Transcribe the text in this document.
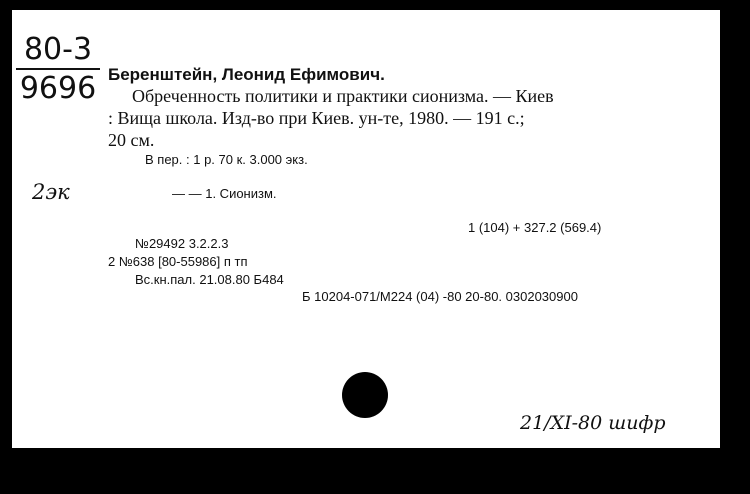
80-3
9696 Беренштейн, Леонид Ефимович.
Обреченность политики и практики сионизма. — Киев
: Вища школа. Изд-во при Киев. ун-те, 1980. — 191 с.;
20 см.
В пер. : 1 р. 70 к. 3.000 экз.
2эк	— — 1. Сионизм.
1 (104) + 327.2 (569.4)
№29492 3.2.2.3
2 №638 [80-55986] п тп
Вс.кн.пал. 21.08.80 Б484
Б 10204-071/М224 (04) -80 20-80. 0302030900
21/XI-80 шифр
